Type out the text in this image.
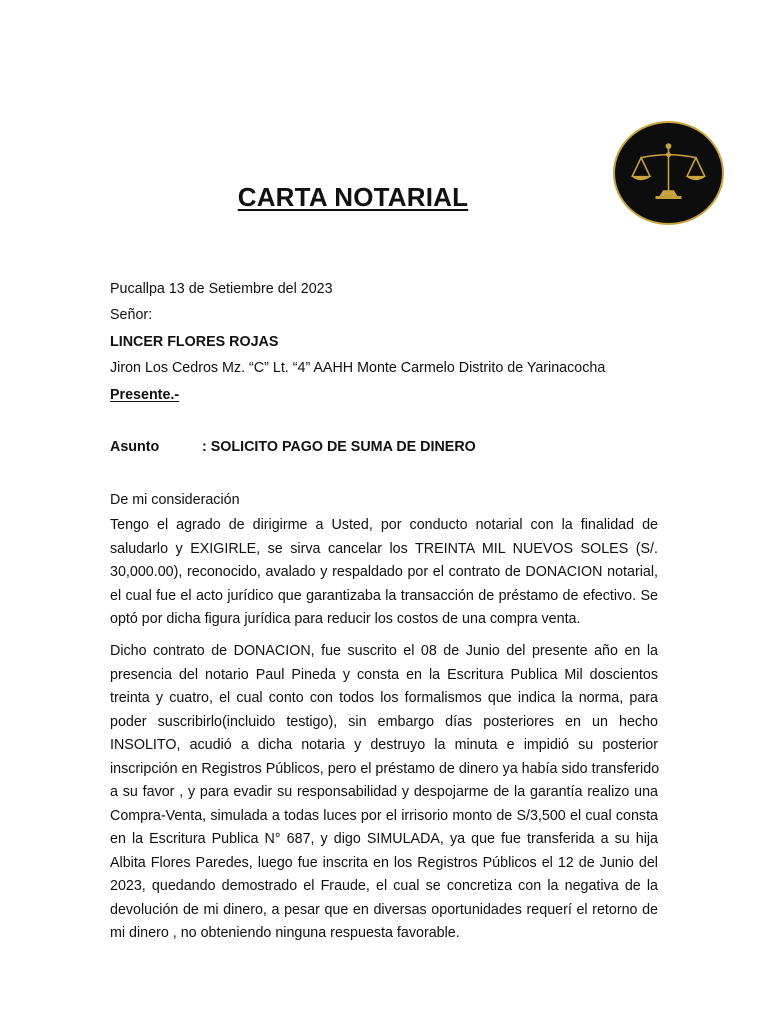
CARTA NOTARIAL
Pucallpa 13 de Setiembre del 2023
Señor:
LINCER FLORES ROJAS
Jiron Los Cedros Mz. “C” Lt. “4” AAHH Monte Carmelo Distrito de Yarinacocha
Presente.-
Asunto	: SOLICITO PAGO DE SUMA DE DINERO
De mi consideración
Tengo el agrado de dirigirme a Usted, por conducto notarial con la finalidad de
saludarlo y EXIGIRLE, se sirva cancelar los TREINTA MIL NUEVOS SOLES (S/.
30,000.00), reconocido, avalado y respaldado por el contrato de DONACION notarial,
el cual fue el acto jurídico que garantizaba la transacción de préstamo de efectivo. Se
optó por dicha figura jurídica para reducir los costos de una compra venta.
Dicho contrato de DONACION, fue suscrito el 08 de Junio del presente año en la
presencia del notario Paul Pineda y consta en la Escritura Publica Mil doscientos
treinta y cuatro, el cual conto con todos los formalismos que indica la norma, para
poder suscribirlo(incluido testigo), sin embargo días posteriores en un hecho
INSOLITO, acudió a dicha notaria y destruyo la minuta e impidió su posterior
inscripción en Registros Públicos, pero el préstamo de dinero ya había sido transferido
a su favor , y para evadir su responsabilidad y despojarme de la garantía realizo una
Compra-Venta, simulada a todas luces por el irrisorio monto de S/3,500 el cual consta
en la Escritura Publica N° 687, y digo SIMULADA, ya que fue transferida a su hija
Albita Flores Paredes, luego fue inscrita en los Registros Públicos el 12 de Junio del
2023, quedando demostrado el Fraude, el cual se concretiza con la negativa de la
devolución de mi dinero, a pesar que en diversas oportunidades requerí el retorno de
mi dinero , no obteniendo ninguna respuesta favorable.
